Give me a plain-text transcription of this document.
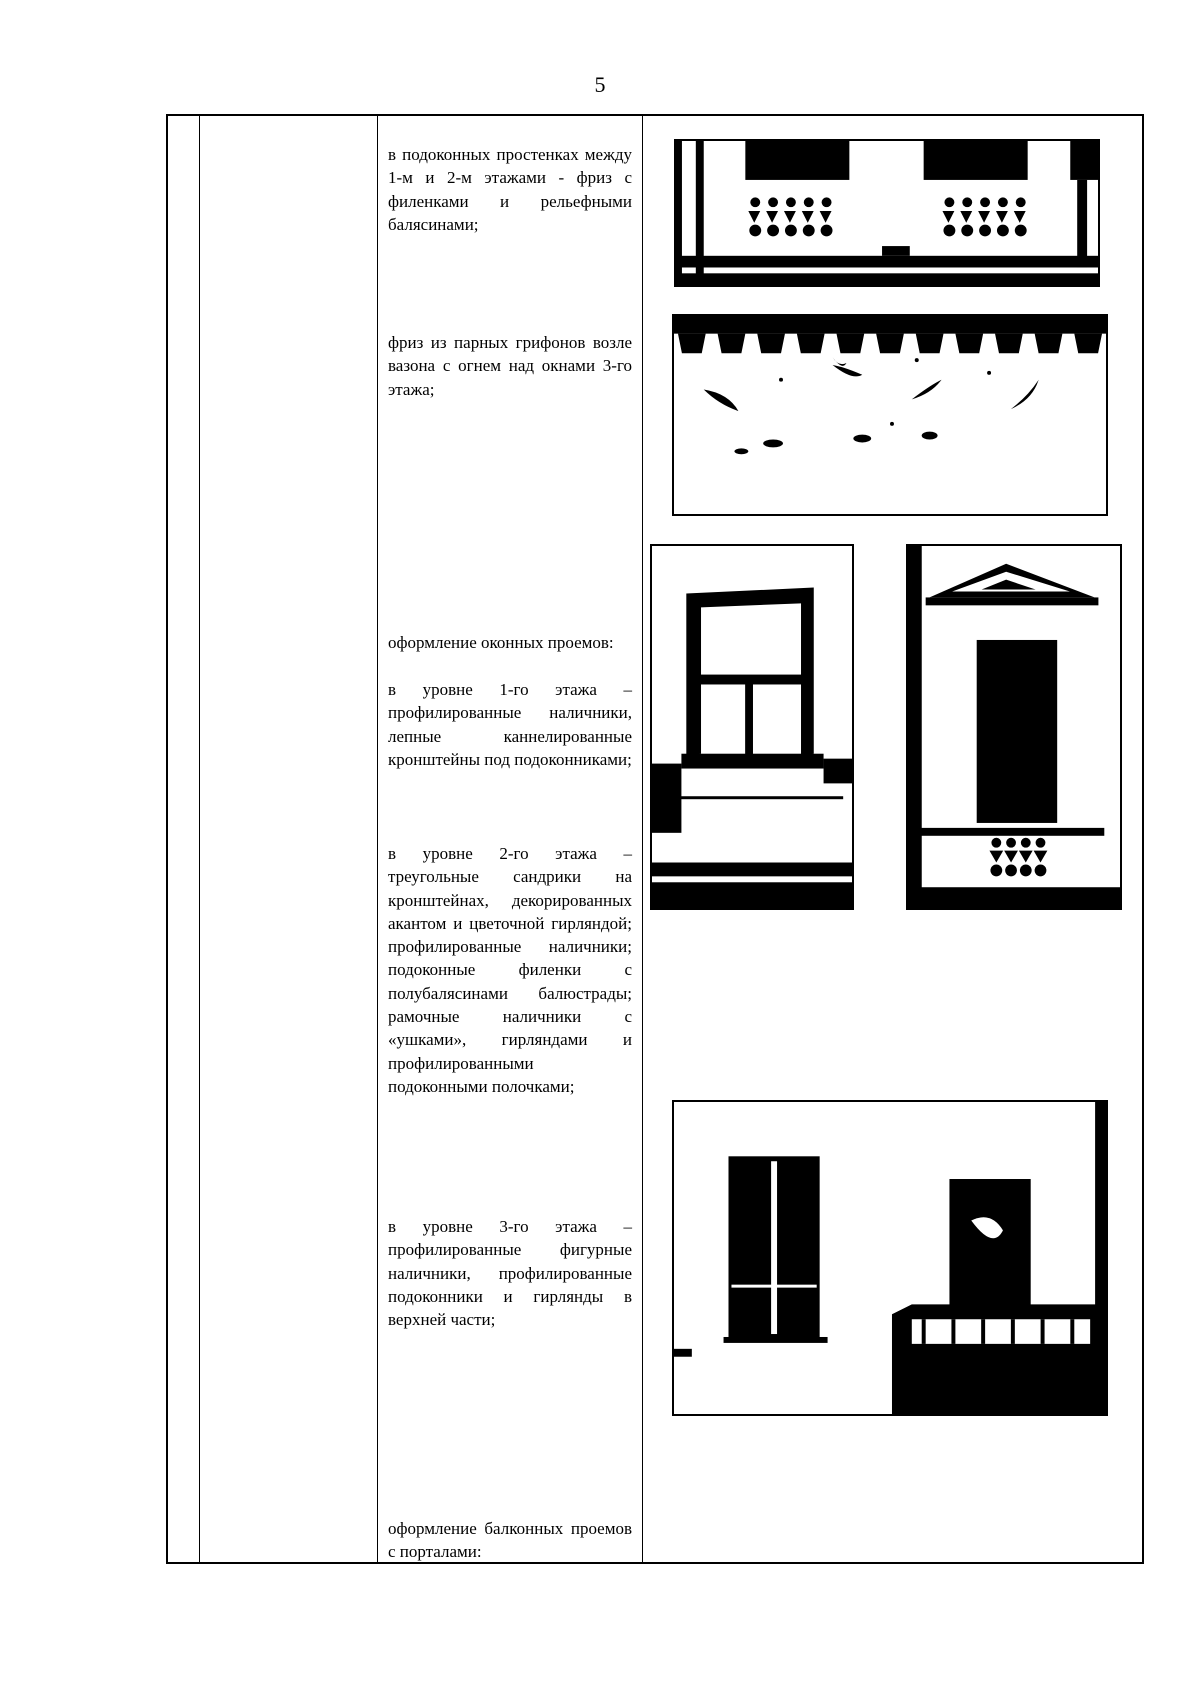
5
в подоконных простенках между 1-м и 2-м этажами - фриз с филенками и рельефными балясинами;
фриз из парных грифонов возле вазона с огнем над окнами 3-го этажа;
оформление оконных проемов:
в уровне 1-го этажа – профилированные наличники, лепные каннелированные кронштейны под подоконниками;
в уровне 2-го этажа – треугольные сандрики на кронштейнах, декорированных акантом и цветочной гирляндой; профилированные наличники; подоконные филенки с полубалясинами балюстрады; рамочные наличники с «ушками», гирляндами и профилированными подоконными полочками;
в уровне 3-го этажа – профилированные фигурные наличники, профилированные подоконники и гирлянды в верхней части;
оформление балконных проемов с порталами:
